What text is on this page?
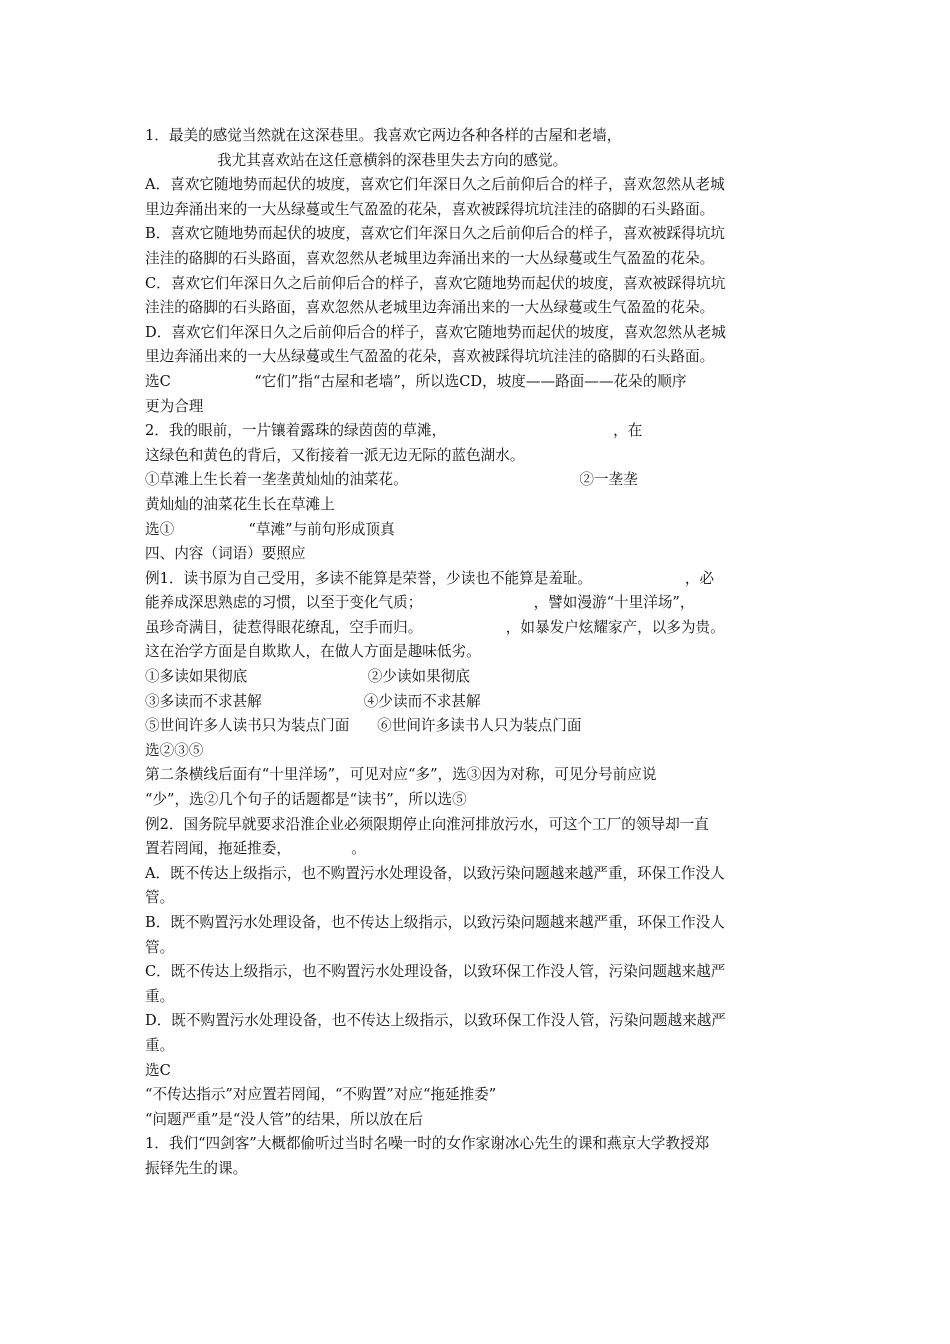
1．最美的感觉当然就在这深巷里。我喜欢它两边各种各样的古屋和老墙，
我尤其喜欢站在这任意横斜的深巷里失去方向的感觉。
A．喜欢它随地势而起伏的坡度，喜欢它们年深日久之后前仰后合的样子，喜欢忽然从老城
里边奔涌出来的一大丛绿蔓或生气盈盈的花朵，喜欢被踩得坑坑洼洼的硌脚的石头路面。
B．喜欢它随地势而起伏的坡度，喜欢它们年深日久之后前仰后合的样子，喜欢被踩得坑坑
洼洼的硌脚的石头路面，喜欢忽然从老城里边奔涌出来的一大丛绿蔓或生气盈盈的花朵。
C．喜欢它们年深日久之后前仰后合的样子，喜欢它随地势而起伏的坡度，喜欢被踩得坑坑
洼洼的硌脚的石头路面，喜欢忽然从老城里边奔涌出来的一大丛绿蔓或生气盈盈的花朵。
D．喜欢它们年深日久之后前仰后合的样子，喜欢它随地势而起伏的坡度，喜欢忽然从老城
里边奔涌出来的一大丛绿蔓或生气盈盈的花朵，喜欢被踩得坑坑洼洼的硌脚的石头路面。
选C                  “它们”指“古屋和老墙”，所以选CD，坡度——路面——花朵的顺序
更为合理
2．我的眼前，一片镶着露珠的绿茵茵的草滩，                                    ，在
这绿色和黄色的背后，又衔接着一派无边无际的蓝色湖水。
①草滩上生长着一垄垄黄灿灿的油菜花。                                     ②一垄垄
黄灿灿的油菜花生长在草滩上
选①                “草滩”与前句形成顶真
四、内容（词语）要照应
例1．读书原为自己受用，多读不能算是荣誉，少读也不能算是羞耻。                    ，必
能养成深思熟虑的习惯，以至于变化气质；                        ，譬如漫游“十里洋场”，
虽珍奇满目，徒惹得眼花缭乱，空手而归。                  ，如暴发户炫耀家产，以多为贵。
这在治学方面是自欺欺人，在做人方面是趣味低劣。
①多读如果彻底                          ②少读如果彻底
③多读而不求甚解                      ④少读而不求甚解
⑤世间许多人读书只为装点门面      ⑥世间许多读书人只为装点门面
选②③⑤
第二条横线后面有“十里洋场”，可见对应“多”，选③因为对称，可见分号前应说
“少”，选②几个句子的话题都是“读书”，所以选⑤
例2．国务院早就要求沿淮企业必须限期停止向淮河排放污水，可这个工厂的领导却一直
置若罔闻，拖延推委，             。
A．既不传达上级指示，也不购置污水处理设备，以致污染问题越来越严重，环保工作没人
管。
B．既不购置污水处理设备，也不传达上级指示，以致污染问题越来越严重，环保工作没人
管。
C．既不传达上级指示，也不购置污水处理设备，以致环保工作没人管，污染问题越来越严
重。
D．既不购置污水处理设备，也不传达上级指示，以致环保工作没人管，污染问题越来越严
重。
选C
“不传达指示”对应置若罔闻，“不购置”对应“拖延推委”
“问题严重”是“没人管”的结果，所以放在后
1．我们“四剑客”大概都偷听过当时名噪一时的女作家谢冰心先生的课和燕京大学教授郑
振铎先生的课。
